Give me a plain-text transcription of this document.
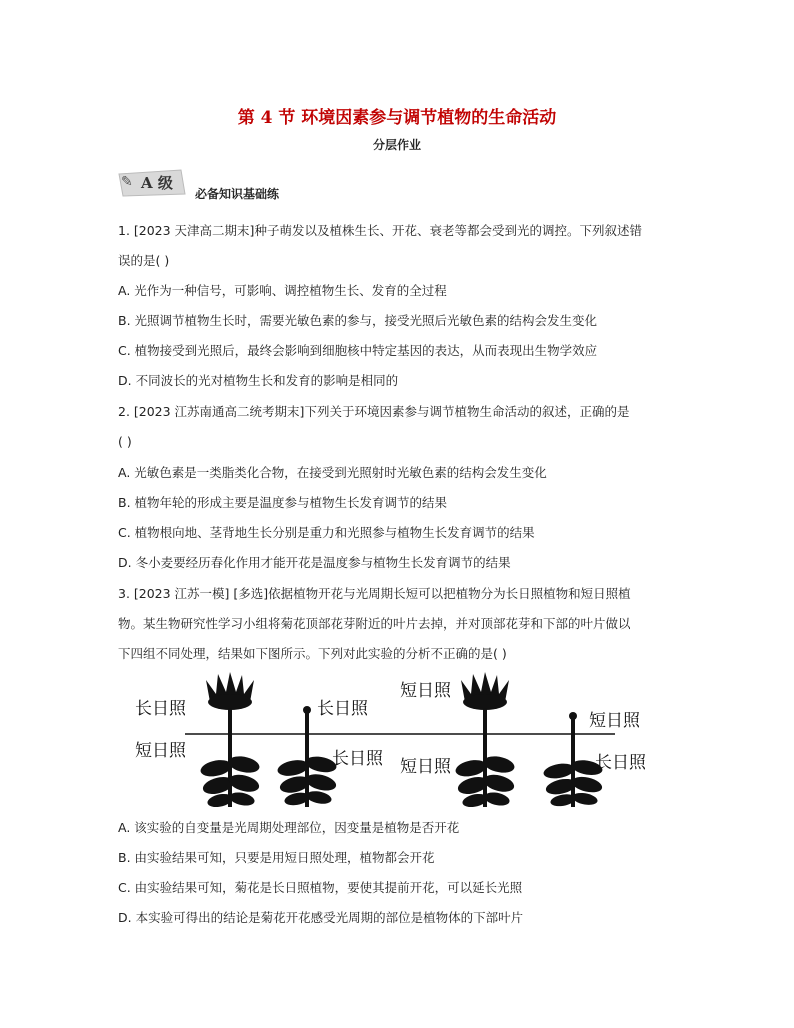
第 4 节 环境因素参与调节植物的生命活动
分层作业
✎ A 级
必备知识基础练
1. [2023 天津高二期末]种子萌发以及植株生长、开花、衰老等都会受到光的调控。下列叙述错
误的是( )
A. 光作为一种信号，可影响、调控植物生长、发育的全过程
B. 光照调节植物生长时，需要光敏色素的参与，接受光照后光敏色素的结构会发生变化
C. 植物接受到光照后，最终会影响到细胞核中特定基因的表达，从而表现出生物学效应
D. 不同波长的光对植物生长和发育的影响是相同的
2. [2023 江苏南通高二统考期末]下列关于环境因素参与调节植物生命活动的叙述，正确的是
( )
A. 光敏色素是一类脂类化合物，在接受到光照射时光敏色素的结构会发生变化
B. 植物年轮的形成主要是温度参与植物生长发育调节的结果
C. 植物根向地、茎背地生长分别是重力和光照参与植物生长发育调节的结果
D. 冬小麦要经历春化作用才能开花是温度参与植物生长发育调节的结果
3. [2023 江苏一模] [多选]依据植物开花与光周期长短可以把植物分为长日照植物和短日照植
物。某生物研究性学习小组将菊花顶部花芽附近的叶片去掉，并对顶部花芽和下部的叶片做以
下四组不同处理，结果如下图所示。下列对此实验的分析不正确的是( )
长日照
短日照
长日照
长日照
短日照
短日照
短日照
长日照
A. 该实验的自变量是光周期处理部位，因变量是植物是否开花
B. 由实验结果可知，只要是用短日照处理，植物都会开花
C. 由实验结果可知，菊花是长日照植物，要使其提前开花，可以延长光照
D. 本实验可得出的结论是菊花开花感受光周期的部位是植物体的下部叶片
